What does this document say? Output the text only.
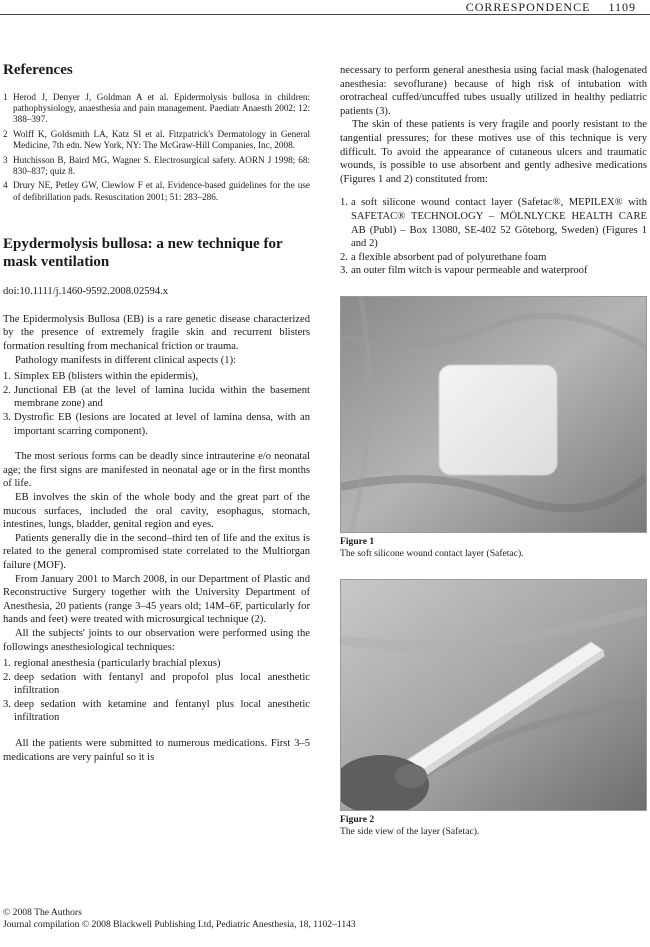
CORRESPONDENCE 1109
References
1 Herod J, Denyer J, Goldman A et al. Epidermolysis bullosa in children: pathophysiology, anaesthesia and pain management. Paediatr Anaesth 2002; 12: 388–397.
2 Wolff K, Goldsmith LA, Katz SI et al. Fitzpatrick's Dermatology in General Medicine, 7th edn. New York, NY: The McGraw-Hill Companies, Inc, 2008.
3 Hutchisson B, Baird MG, Wagner S. Electrosurgical safety. AORN J 1998; 68: 830–837; quiz 8.
4 Drury NE, Petley GW, Clewlow F et al. Evidence-based guidelines for the use of defibrillation pads. Resuscitation 2001; 51: 283–286.
Epydermolysis bullosa: a new technique for mask ventilation
doi:10.1111/j.1460-9592.2008.02594.x

The Epidermolysis Bullosa (EB) is a rare genetic disease characterized by the presence of extremely fragile skin and recurrent blisters formation resulting from mechanical friction or trauma.

Pathology manifests in different clinical aspects (1):

1. Simplex EB (blisters within the epidermis),
2. Junctional EB (at the level of lamina lucida within the basement membrane zone) and
3. Dystrofic EB (lesions are located at level of lamina densa, with an important scarring component).

The most serious forms can be deadly since intrauterine e/o neonatal age; the first signs are manifested in neonatal age or in the first months of life.

EB involves the skin of the whole body and the great part of the mucous surfaces, included the oral cavity, esophagus, stomach, intestines, lungs, bladder, genital region and eyes.

Patients generally die in the second–third ten of life and the exitus is related to the general compromised state correlated to the Multiorgan failure (MOF).

From January 2001 to March 2008, in our Department of Plastic and Reconstructive Surgery together with the University Department of Anesthesia, 20 patients (range 3–45 years old; 14M–6F, particularly for hands and feet) were treated with microsurgical technique (2).

All the subjects' joints to our observation were performed using the followings anesthesiological techniques:

1. regional anesthesia (particularly brachial plexus)
2. deep sedation with fentanyl and propofol plus local anesthetic infiltration
3. deep sedation with ketamine and fentanyl plus local anesthetic infiltration

All the patients were submitted to numerous medications. First 3–5 medications are very painful so it is

necessary to perform general anesthesia using facial mask (halogenated anesthesia: sevoflurane) because of high risk of intubation with orotracheal cuffed/uncuffed tubes usually utilized in healthy pediatric patients (3).

The skin of these patients is very fragile and poorly resistant to the tangential pressures; for these motives use of this technique is very difficult. To avoid the appearance of cutaneous ulcers and traumatic wounds, is possible to use absorbent and gently adhesive medications (Figures 1 and 2) constituted from:

1. a soft silicone wound contact layer (Safetac®, MEPILEX® with SAFETAC® TECHNOLOGY – MÖLNLYCKE HEALTH CARE AB (Publ) – Box 13080, SE-402 52 Göteborg, Sweden) (Figures 1 and 2)
2. a flexible absorbent pad of polyurethane foam
3. an outer film witch is vapour permeable and waterproof
Figure 1
The soft silicone wound contact layer (Safetac).
Figure 2
The side view of the layer (Safetac).
© 2008 The Authors
Journal compilation © 2008 Blackwell Publishing Ltd, Pediatric Anesthesia, 18, 1102–1143
